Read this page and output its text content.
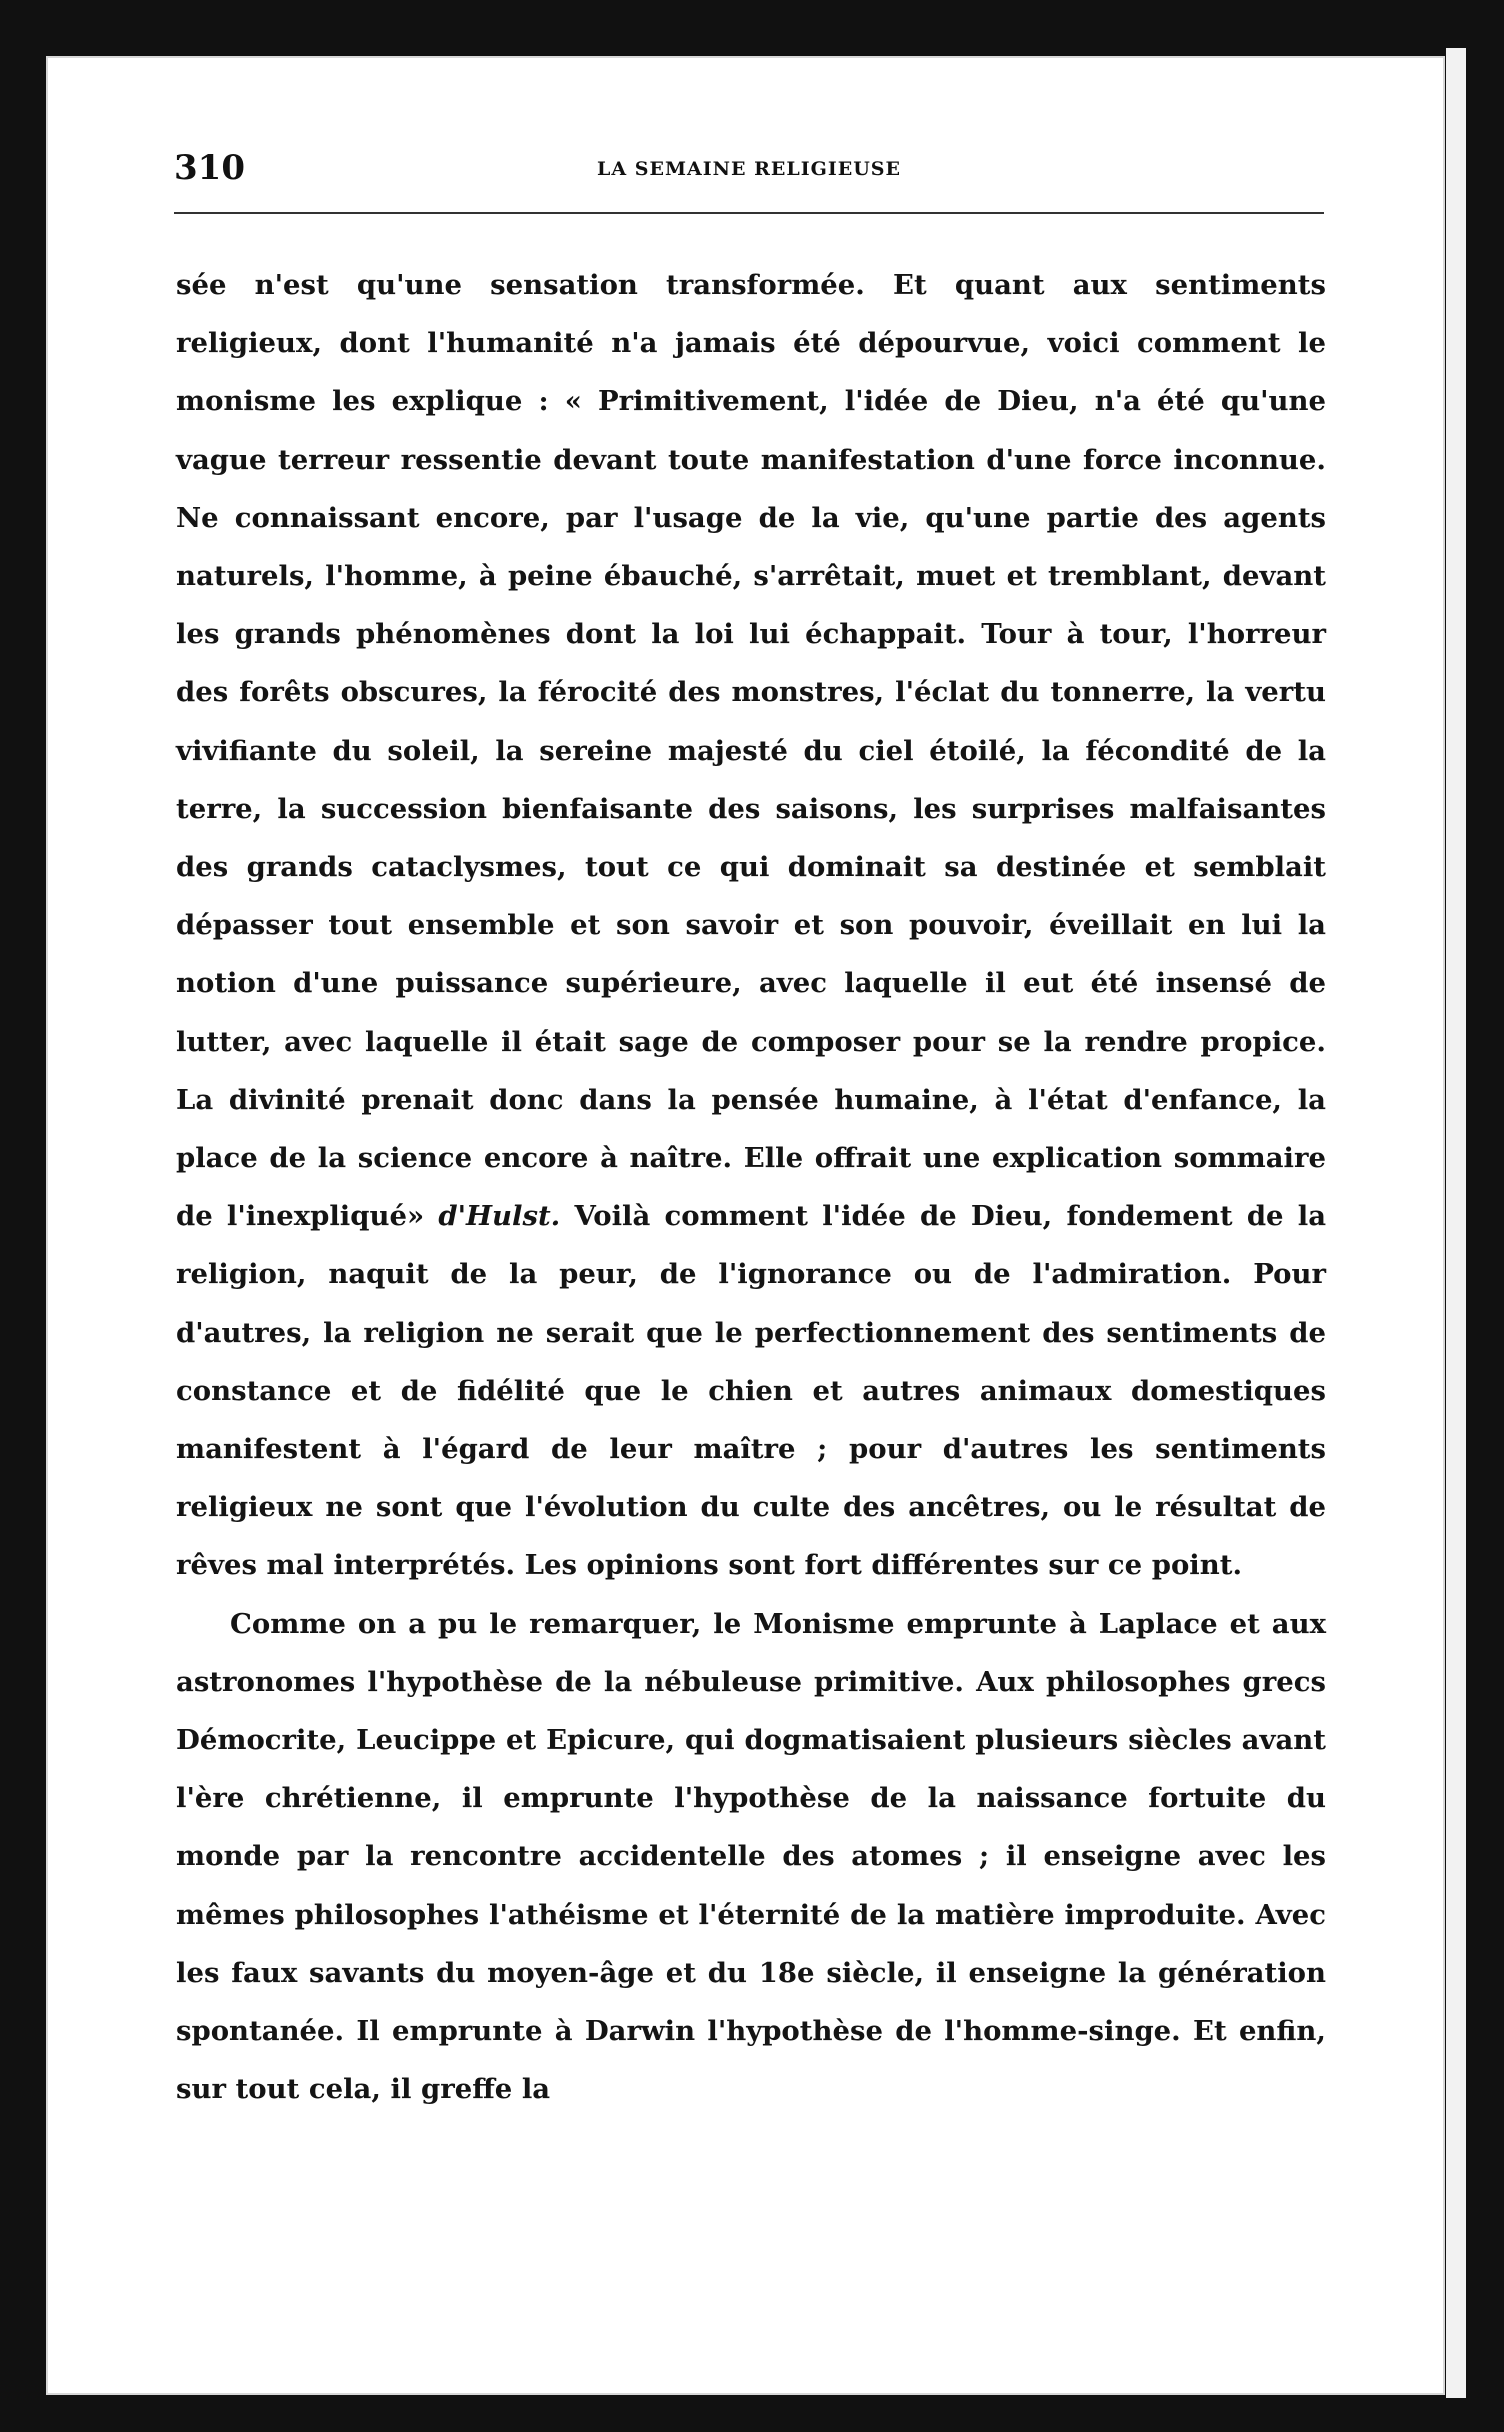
310	LA SEMAINE RELIGIEUSE

sée n'est qu'une sensation transformée. Et quant aux sentiments religieux, dont l'humanité n'a jamais été dépourvue, voici comment le monisme les explique : « Primitivement, l'idée de Dieu, n'a été qu'une vague terreur ressentie devant toute manifestation d'une force inconnue. Ne connaissant encore, par l'usage de la vie, qu'une partie des agents naturels, l'homme, à peine ébauché, s'arrêtait, muet et tremblant, devant les grands phénomènes dont la loi lui échappait. Tour à tour, l'horreur des forêts obscures, la férocité des monstres, l'éclat du tonnerre, la vertu vivifiante du soleil, la sereine majesté du ciel étoilé, la fécondité de la terre, la succession bienfaisante des saisons, les surprises malfaisantes des grands cataclysmes, tout ce qui dominait sa destinée et semblait dépasser tout ensemble et son savoir et son pouvoir, éveillait en lui la notion d'une puissance supérieure, avec laquelle il eut été insensé de lutter, avec laquelle il était sage de composer pour se la rendre propice. La divinité prenait donc dans la pensée humaine, à l'état d'enfance, la place de la science encore à naître. Elle offrait une explication sommaire de l'inexpliqué» d'Hulst. Voilà comment l'idée de Dieu, fondement de la religion, naquit de la peur, de l'ignorance ou de l'admiration. Pour d'autres, la religion ne serait que le perfectionnement des sentiments de constance et de fidélité que le chien et autres animaux domestiques manifestent à l'égard de leur maître ; pour d'autres les sentiments religieux ne sont que l'évolution du culte des ancêtres, ou le résultat de rêves mal interprétés. Les opinions sont fort différentes sur ce point.

Comme on a pu le remarquer, le Monisme emprunte à Laplace et aux astronomes l'hypothèse de la nébuleuse primitive. Aux philosophes grecs Démocrite, Leucippe et Epicure, qui dogmatisaient plusieurs siècles avant l'ère chrétienne, il emprunte l'hypothèse de la naissance fortuite du monde par la rencontre accidentelle des atomes ; il enseigne avec les mêmes philosophes l'athéisme et l'éternité de la matière improduite. Avec les faux savants du moyen-âge et du 18e siècle, il enseigne la génération spontanée. Il emprunte à Darwin l'hypothèse de l'homme-singe. Et enfin, sur tout cela, il greffe la
